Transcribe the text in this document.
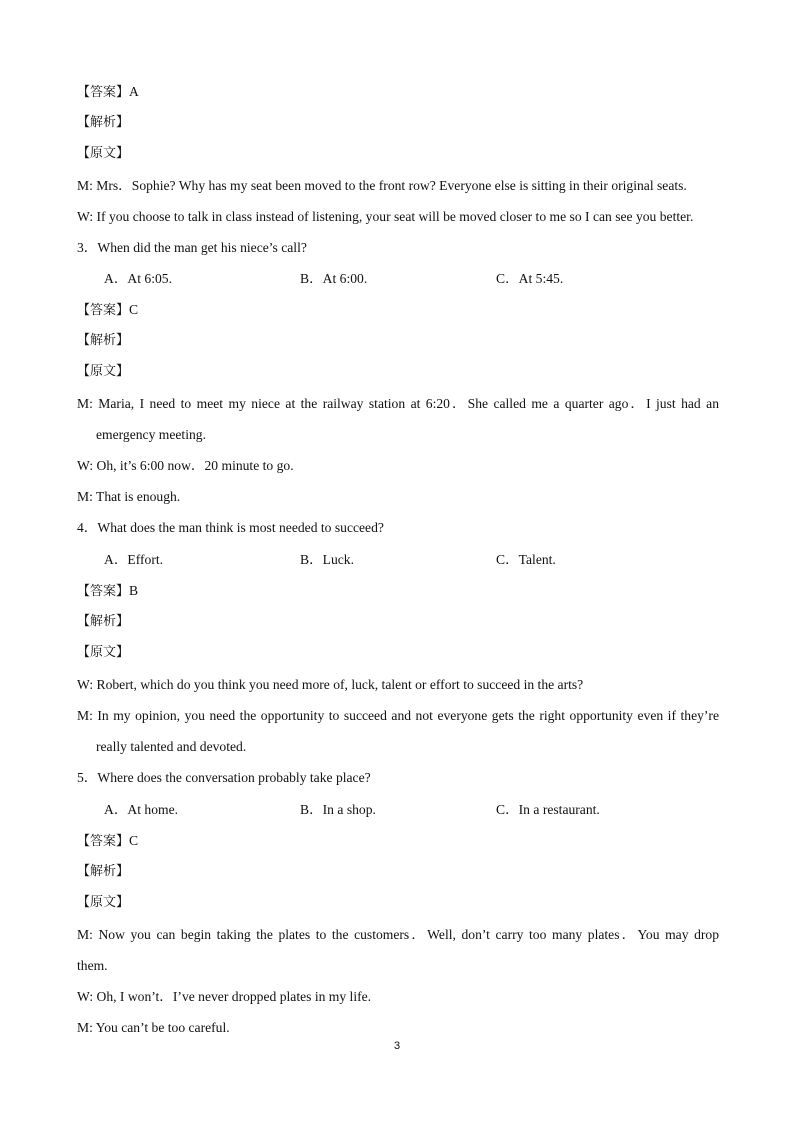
【答案】A
【解析】
【原文】
M: Mrs．Sophie? Why has my seat been moved to the front row? Everyone else is sitting in their original seats.
W: If you choose to talk in class instead of listening, your seat will be moved closer to me so I can see you better.
3．When did the man get his niece’s call?
A．At 6:05.	B．At 6:00.	C．At 5:45.
【答案】C
【解析】
【原文】
M: Maria, I need to meet my niece at the railway station at 6:20．She called me a quarter ago．I just had an
emergency meeting.
W: Oh, it’s 6:00 now．20 minute to go.
M: That is enough.
4．What does the man think is most needed to succeed?
A．Effort.	B．Luck.	C．Talent.
【答案】B
【解析】
【原文】
W: Robert, which do you think you need more of, luck, talent or effort to succeed in the arts?
M: In my opinion, you need the opportunity to succeed and not everyone gets the right opportunity even if they’re
really talented and devoted.
5．Where does the conversation probably take place?
A．At home.	B．In a shop.	C．In a restaurant.
【答案】C
【解析】
【原文】
M: Now you can begin taking the plates to the customers．Well, don’t carry too many plates．You may drop
them.
W: Oh, I won’t．I’ve never dropped plates in my life.
M: You can’t be too careful.
3
